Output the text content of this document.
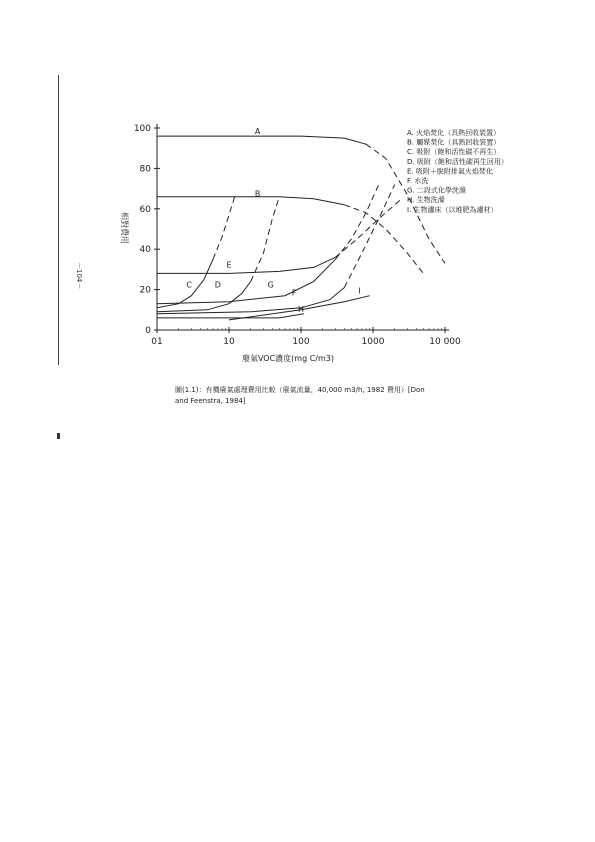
－104－
0
20
40
60
80
100
01	10	100	1000	10 000
A
B
C	D
E
F
G
H
I
A. 火焰焚化（具熱回收裝置）
B. 觸媒焚化（具熱回收裝置）
C. 吸附（飽和活性碳不再生）
D. 吸附（飽和活性碳再生回用）
E. 吸附＋脫附排氣火焰焚化
F. 水洗
G. 二段式化學洗滌
H. 生物洗滌
I. 生物濾床（以堆肥為濾材）
相對費用
廢氣VOC濃度(mg C/m3)
圖(1.1)：有機廢氣處理費用比較（廢氣流量，40,000 m3/h, 1982 費用）[Don
and Feenstra, 1984]
